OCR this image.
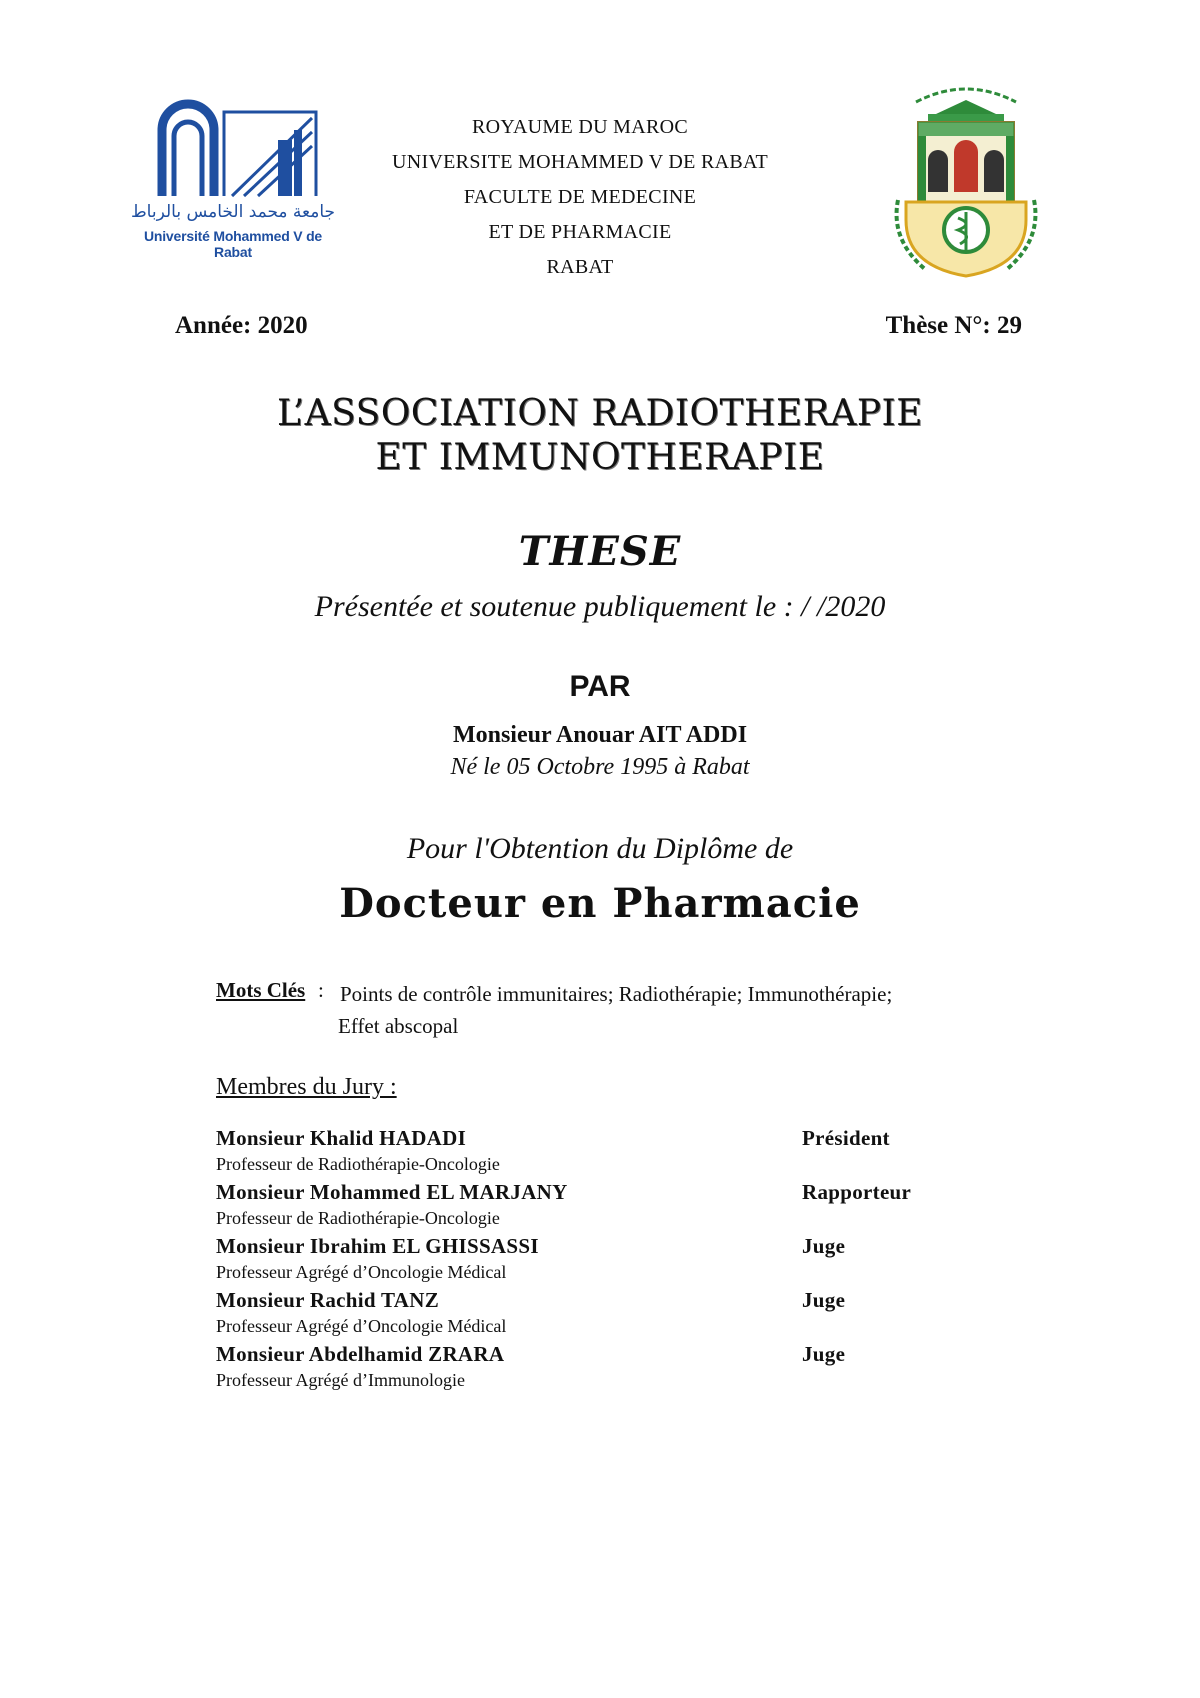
جامعة محمد الخامس بالرباط
Université Mohammed V de Rabat
ROYAUME DU MAROC
UNIVERSITE MOHAMMED V DE RABAT
FACULTE DE MEDECINE
ET DE PHARMACIE
RABAT
Année: 2020	Thèse N°: 29
L’ASSOCIATION RADIOTHERAPIE
ET IMMUNOTHERAPIE
THESE
Présentée et soutenue publiquement le : / /2020
PAR
Monsieur Anouar AIT ADDI
Né le 05 Octobre 1995 à Rabat
Pour l'Obtention du Diplôme de
Docteur en Pharmacie
Mots Clés : Points de contrôle immunitaires; Radiothérapie; Immunothérapie;
Effet abscopal
Membres du Jury :
Monsieur Khalid HADADI	Président
Professeur de Radiothérapie-Oncologie
Monsieur Mohammed EL MARJANY	Rapporteur
Professeur de Radiothérapie-Oncologie
Monsieur Ibrahim EL GHISSASSI	Juge
Professeur Agrégé d’Oncologie Médical
Monsieur Rachid TANZ	Juge
Professeur Agrégé d’Oncologie Médical
Monsieur Abdelhamid ZRARA	Juge
Professeur Agrégé d’Immunologie
